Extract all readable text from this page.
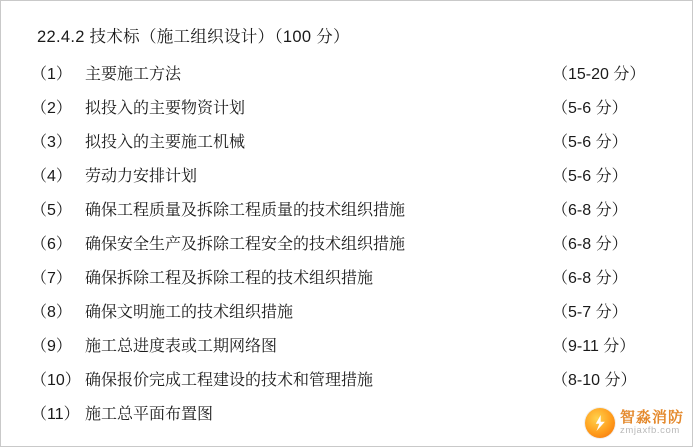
22.4.2 技术标（施工组织设计）（100 分）
（1） 主要施工方法	（15-20 分）
（2） 拟投入的主要物资计划	（5-6 分）
（3） 拟投入的主要施工机械	（5-6 分）
（4） 劳动力安排计划	（5-6 分）
（5） 确保工程质量及拆除工程质量的技术组织措施	（6-8 分）
（6） 确保安全生产及拆除工程安全的技术组织措施	（6-8 分）
（7） 确保拆除工程及拆除工程的技术组织措施	（6-8 分）
（8） 确保文明施工的技术组织措施	（5-7 分）
（9） 施工总进度表或工期网络图	（9-11 分）
（10） 确保报价完成工程建设的技术和管理措施	（8-10 分）
（11） 施工总平面布置图	智淼消防
zmjaxfb.com
